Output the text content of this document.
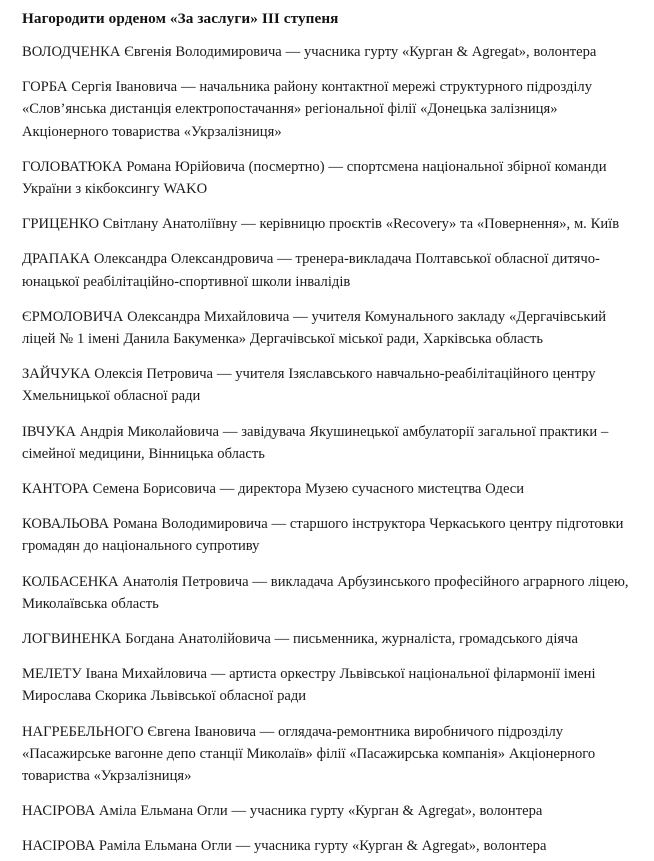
Нагородити орденом «За заслуги» III ступеня

ВОЛОДЧЕНКА Євгенія Володимировича — учасника гурту «Курган & Agregat», волонтера

ГОРБА Сергія Івановича — начальника району контактної мережі структурного підрозділу «Слов’янська дистанція електропостачання» регіональної філії «Донецька залізниця» Акціонерного товариства «Укрзалізниця»

ГОЛОВАТЮКА Романа Юрійовича (посмертно) — спортсмена національної збірної команди України з кікбоксингу WAKO

ГРИЦЕНКО Світлану Анатоліївну — керівницю проєктів «Recovery» та «Повернення», м. Київ

ДРАПАКА Олександра Олександровича — тренера-викладача Полтавської обласної дитячо-юнацької реабілітаційно-спортивної школи інвалідів

ЄРМОЛОВИЧА Олександра Михайловича — учителя Комунального закладу «Дергачівський ліцей № 1 імені Данила Бакуменка» Дергачівської міської ради, Харківська область

ЗАЙЧУКА Олексія Петровича — учителя Ізяславського навчально-реабілітаційного центру Хмельницької обласної ради

ІВЧУКА Андрія Миколайовича — завідувача Якушинецької амбулаторії загальної практики – сімейної медицини, Вінницька область

КАНТОРА Семена Борисовича — директора Музею сучасного мистецтва Одеси

КОВАЛЬОВА Романа Володимировича — старшого інструктора Черкаського центру підготовки громадян до національного супротиву

КОЛБАСЕНКА Анатолія Петровича — викладача Арбузинського професійного аграрного ліцею, Миколаївська область

ЛОГВИНЕНКА Богдана Анатолійовича — письменника, журналіста, громадського діяча

МЕЛЕТУ Івана Михайловича — артиста оркестру Львівської національної філармонії імені Мирослава Скорика Львівської обласної ради

НАГРЕБЕЛЬНОГО Євгена Івановича — оглядача-ремонтника виробничого підрозділу «Пасажирське вагонне депо станції Миколаїв» філії «Пасажирська компанія» Акціонерного товариства «Укрзалізниця»

НАСІРОВА Аміла Ельмана Огли — учасника гурту «Курган & Agregat», волонтера

НАСІРОВА Раміла Ельмана Огли — учасника гурту «Курган & Agregat», волонтера
